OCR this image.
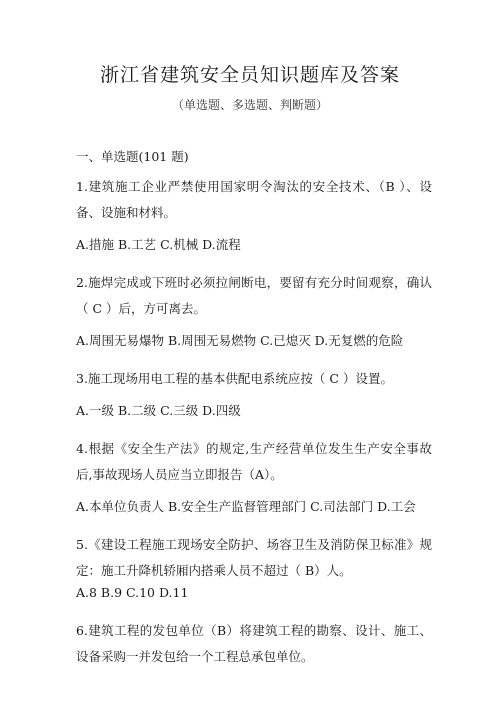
浙江省建筑安全员知识题库及答案
（单选题、多选题、判断题）

一、单选题(101 题)

1.建筑施工企业严禁使用国家明令淘汰的安全技术、（B ）、设备、设施和材料。

A.措施 B.工艺 C.机械 D.流程

2.施焊完成或下班时必须拉闸断电，要留有充分时间观察，确认（ C ）后，方可离去。

A.周围无易爆物 B.周围无易燃物 C.已熄灭 D.无复燃的危险

3.施工现场用电工程的基本供配电系统应按（ C ）设置。

A.一级 B.二级 C.三级 D.四级

4.根据《安全生产法》的规定,生产经营单位发生生产安全事故后,事故现场人员应当立即报告（A）。

A.本单位负责人 B.安全生产监督管理部门 C.司法部门 D.工会

5.《建设工程施工现场安全防护、场容卫生及消防保卫标准》规定：施工升降机轿厢内搭乘人员不超过（ B）人。

A.8 B.9 C.10 D.11

6.建筑工程的发包单位（B）将建筑工程的勘察、设计、施工、设备采购一并发包给一个工程总承包单位。
